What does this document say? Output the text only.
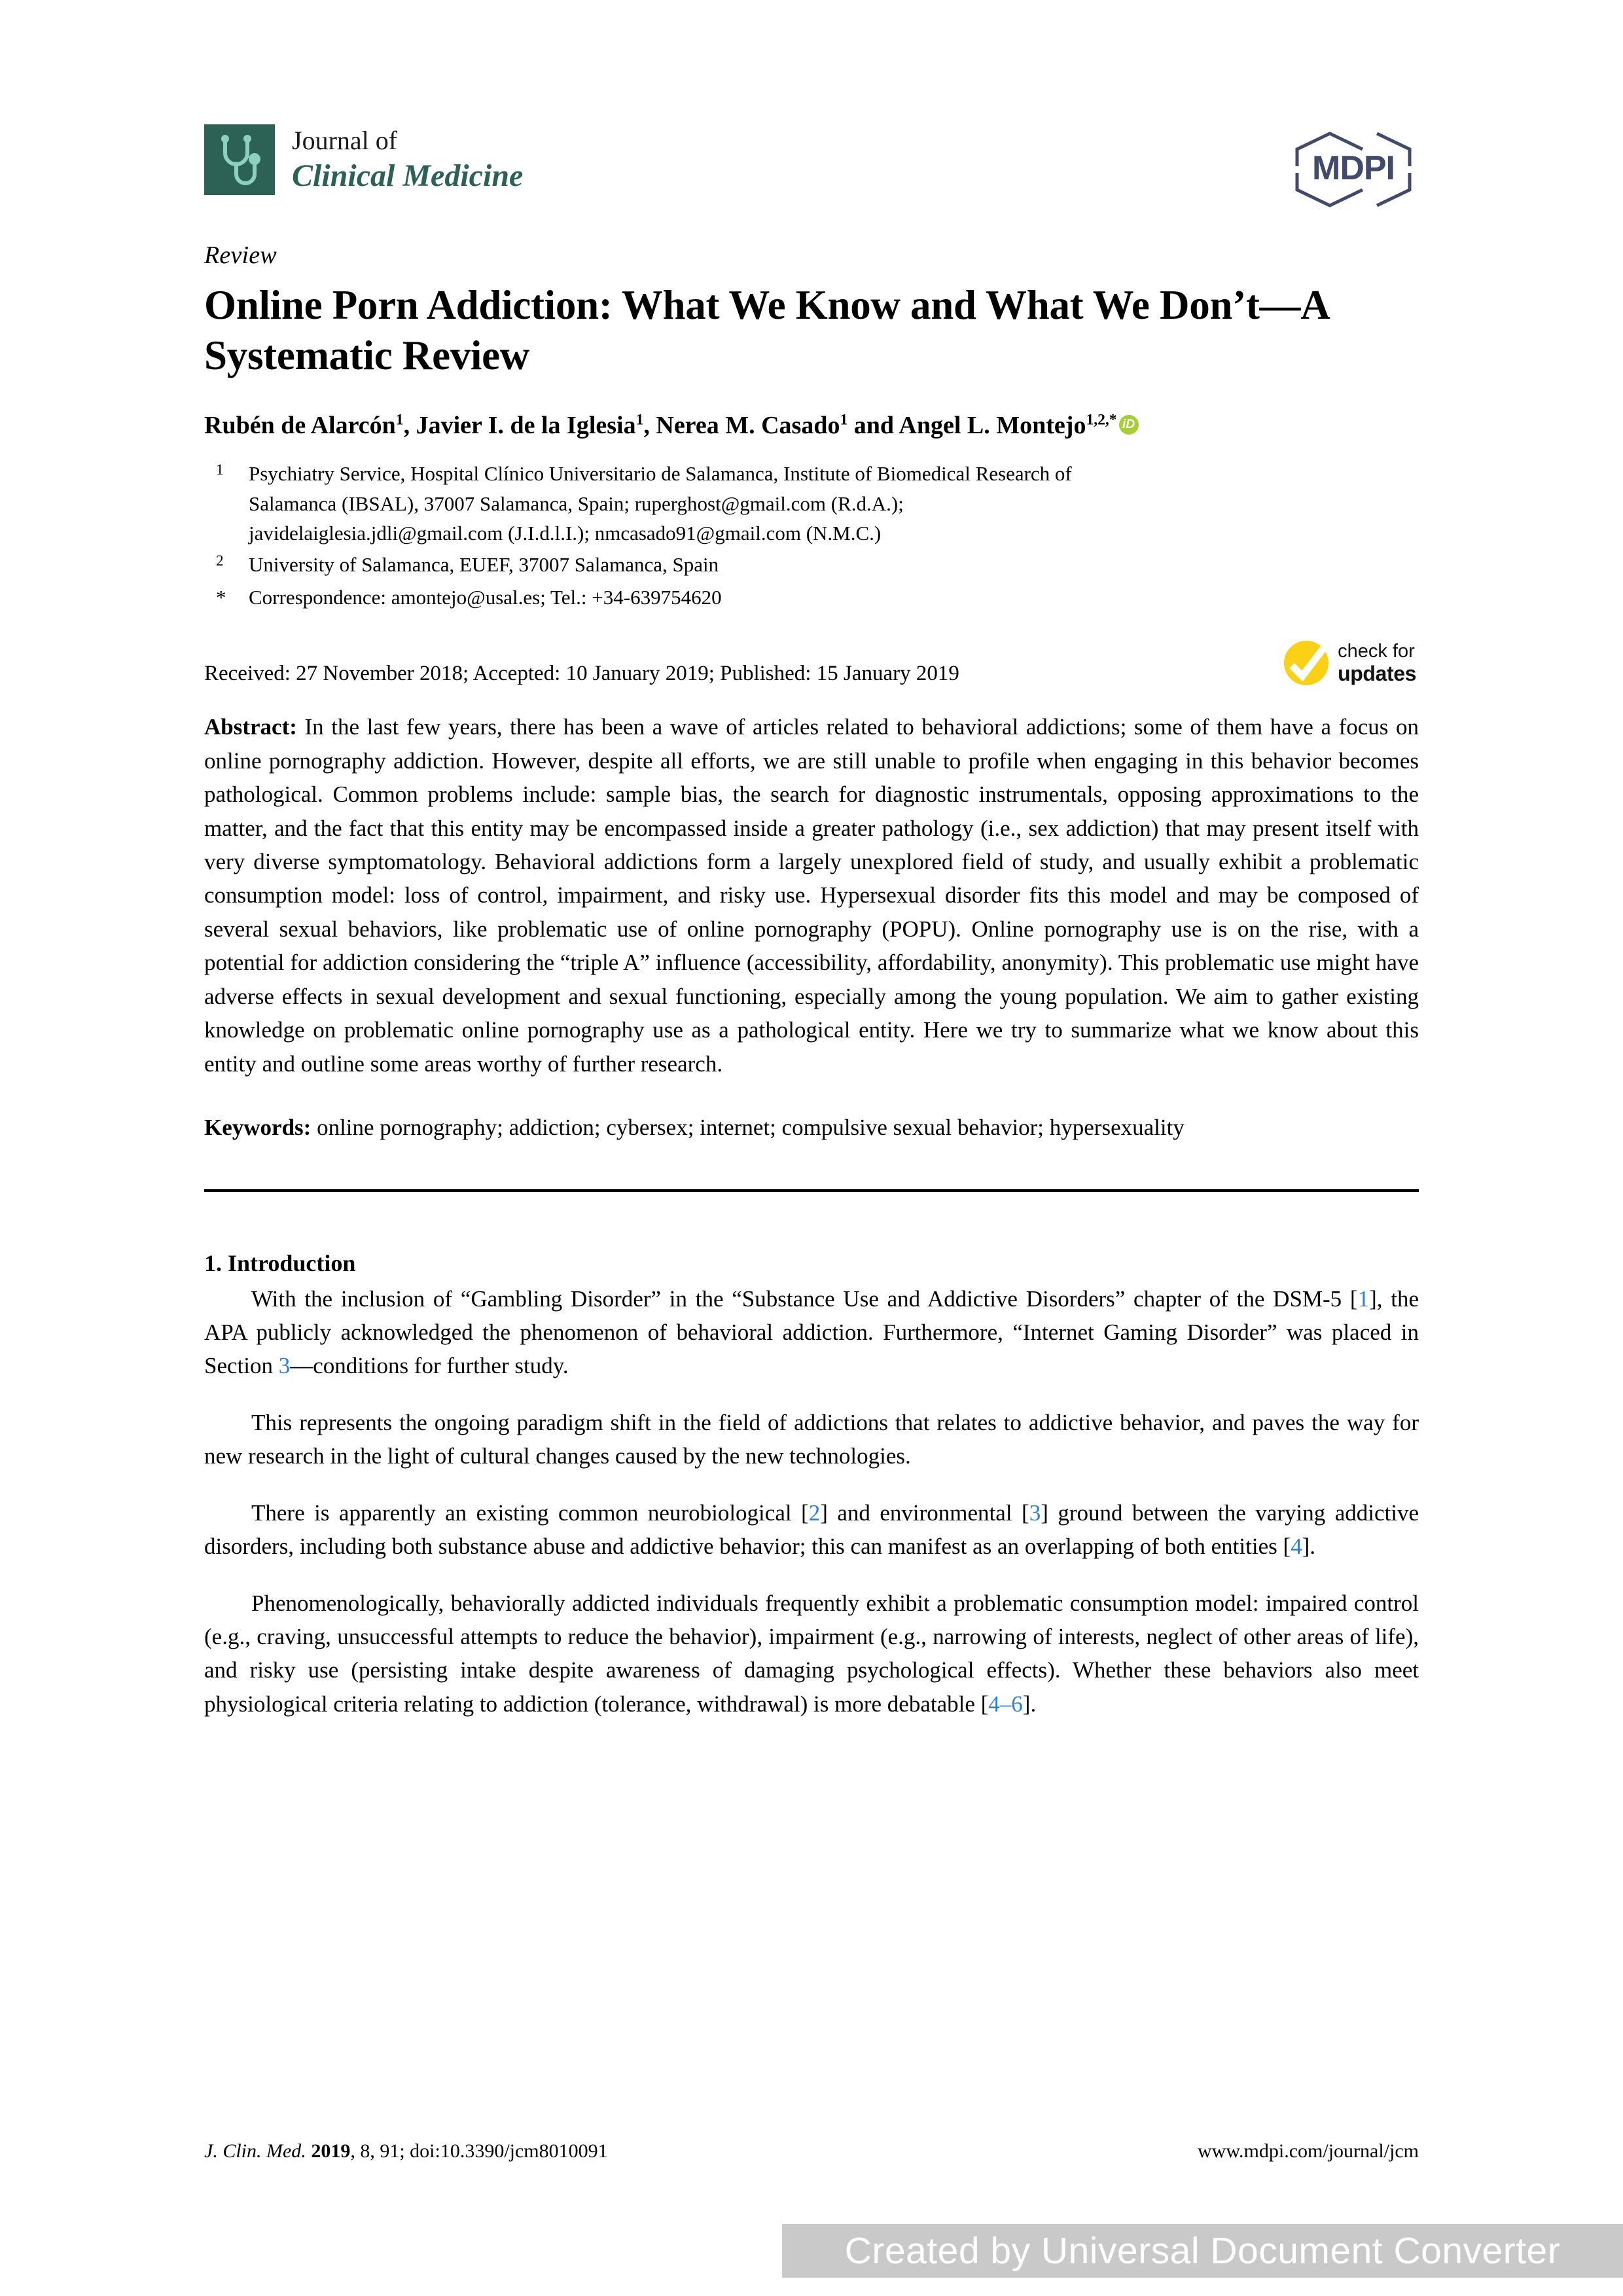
Journal of
Clinical Medicine	MDPI
Review
Online Porn Addiction: What We Know and What We Don’t—A Systematic Review
Rubén de Alarcón$^1$, Javier I. de la Iglesia$^1$, Nerea M. Casado$^1$ and Angel L. Montejo$^{1,2,*}$ iD
$^1$	Psychiatry Service, Hospital Clínico Universitario de Salamanca, Institute of Biomedical Research of
Salamanca (IBSAL), 37007 Salamanca, Spain; ruperghost@gmail.com (R.d.A.);
javidelaiglesia.jdli@gmail.com (J.I.d.l.I.); nmcasado91@gmail.com (N.M.C.)
$^2$	University of Salamanca, EUEF, 37007 Salamanca, Spain
*	Correspondence: amontejo@usal.es; Tel.: +34-639754620
Received: 27 November 2018; Accepted: 10 January 2019; Published: 15 January 2019
check for
updates
Abstract: In the last few years, there has been a wave of articles related to behavioral addictions; some of them have a focus on online pornography addiction. However, despite all efforts, we are still unable to profile when engaging in this behavior becomes pathological. Common problems include: sample bias, the search for diagnostic instrumentals, opposing approximations to the matter, and the fact that this entity may be encompassed inside a greater pathology (i.e., sex addiction) that may present itself with very diverse symptomatology. Behavioral addictions form a largely unexplored field of study, and usually exhibit a problematic consumption model: loss of control, impairment, and risky use. Hypersexual disorder fits this model and may be composed of several sexual behaviors, like problematic use of online pornography (POPU). Online pornography use is on the rise, with a potential for addiction considering the “triple A” influence (accessibility, affordability, anonymity). This problematic use might have adverse effects in sexual development and sexual functioning, especially among the young population. We aim to gather existing knowledge on problematic online pornography use as a pathological entity. Here we try to summarize what we know about this entity and outline some areas worthy of further research.
Keywords: online pornography; addiction; cybersex; internet; compulsive sexual behavior; hypersexuality
1. Introduction

With the inclusion of “Gambling Disorder” in the “Substance Use and Addictive Disorders” chapter of the DSM-5 [1], the APA publicly acknowledged the phenomenon of behavioral addiction. Furthermore, “Internet Gaming Disorder” was placed in Section 3—conditions for further study.

This represents the ongoing paradigm shift in the field of addictions that relates to addictive behavior, and paves the way for new research in the light of cultural changes caused by the new technologies.

There is apparently an existing common neurobiological [2] and environmental [3] ground between the varying addictive disorders, including both substance abuse and addictive behavior; this can manifest as an overlapping of both entities [4].

Phenomenologically, behaviorally addicted individuals frequently exhibit a problematic consumption model: impaired control (e.g., craving, unsuccessful attempts to reduce the behavior), impairment (e.g., narrowing of interests, neglect of other areas of life), and risky use (persisting intake despite awareness of damaging psychological effects). Whether these behaviors also meet physiological criteria relating to addiction (tolerance, withdrawal) is more debatable [4–6].

J. Clin. Med. 2019, 8, 91; doi:10.3390/jcm8010091	www.mdpi.com/journal/jcm
Created by Universal Document Converter
